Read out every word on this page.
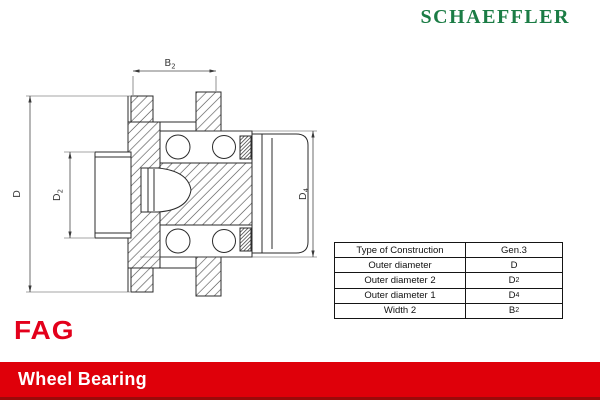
SCHAEFFLER
$B_2$
D	$D_2$
$D_4$
Type of Construction	Gen.3
Outer diameter	D
Outer diameter 2	D 2
Outer diameter 1	D 4
Width 2	B 2
FAG
Wheel Bearing
